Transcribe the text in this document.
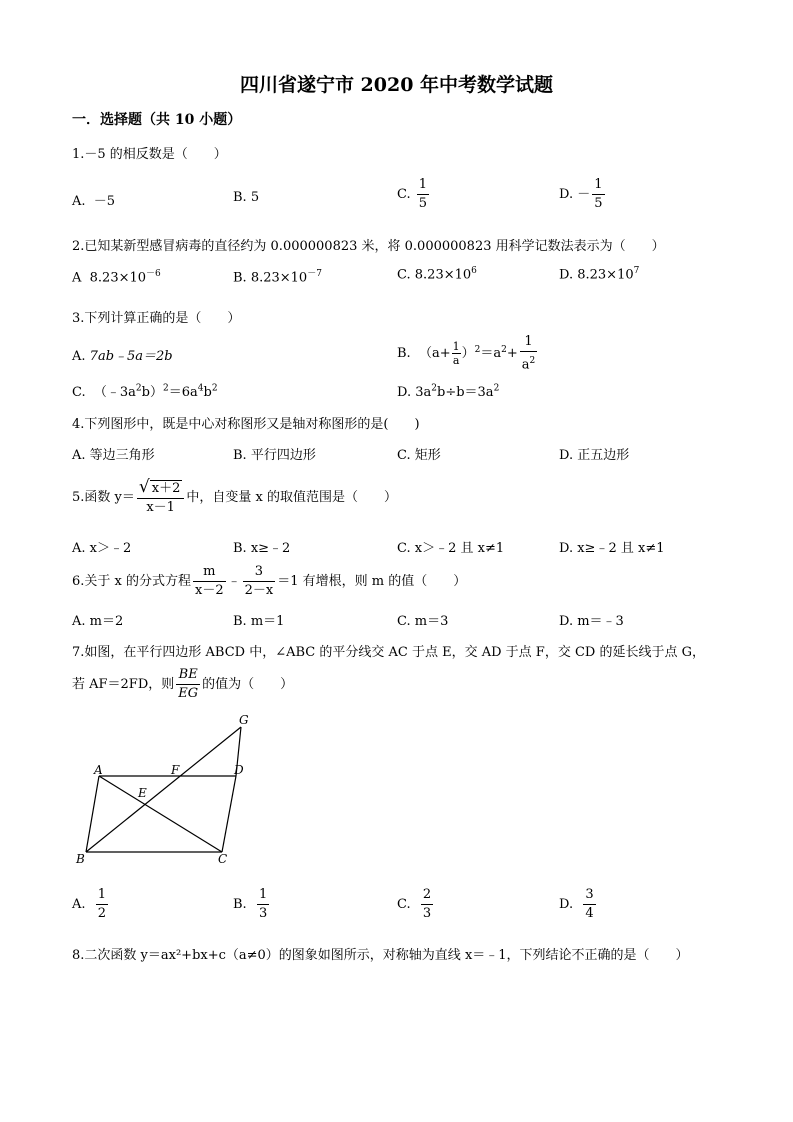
四川省遂宁市 2020 年中考数学试题
一．选择题（共 10 小题）
1.－5 的相反数是（　　）
A. －5	B. 5	C. $\frac{1}{5}$	D. － $\frac{1}{5}$
2.已知某新型感冒病毒的直径约为 0.000000823 米，将 0.000000823 用科学记数法表示为（　　）
A $8.23\times 10^{-6}$	B. $8.23\times 10^{-7}$	C. $8.23\times 10^6$	D. $8.23\times 10^7$
3.下列计算正确的是（　　）
A. 7ab﹣5a＝2b	B. $(a+ \frac{1}{a} )^2=a^2+ \frac{1}{a^2}$
C. $(﹣3a^2b)^2=6a^4b^2$	D. $3a^2b\div b=3a^2$
4.下列图形中，既是中心对称图形又是轴对称图形的是(　　)
A. 等边三角形	B. 平行四边形	C. 矩形	D. 正五边形
5.函数 $y= \frac{√ x+2}{x-1}$ 中，自变量 x 的取值范围是（　　）
A. x＞﹣2	B. x≥﹣2	C. x＞﹣2 且 x≠1	D. x≥﹣2 且 x≠1
6.关于 x 的分式方程 $\frac{m}{x-2}$ ﹣ $\frac{3}{2-x} =1$ 有增根，则 m 的值（　　）
A. m＝2	B. m＝1	C. m＝3	D. m＝﹣3
7.如图，在平行四边形 ABCD 中，∠ABC 的平分线交 AC 于点 E，交 AD 于点 F，交 CD 的延长线于点 G，
若 AF＝2FD，则 $\frac{BE}{EG}$ 的值为（　　）
A	F	D
E
B	C
G
A. $\frac{1}{2}$	B. $\frac{1}{3}$	C. $\frac{2}{3}$	D. $\frac{3}{4}$
8.二次函数 y＝ax²+bx+c（a≠0）的图象如图所示，对称轴为直线 x＝﹣1，下列结论不正确的是（　　）
